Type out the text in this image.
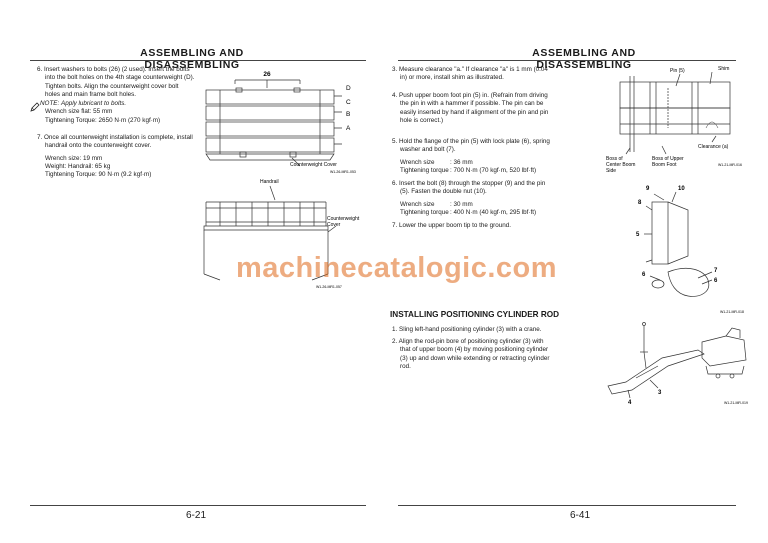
ASSEMBLING AND DISASSEMBLING

6. Insert washers to bolts (26) (2 used). Insert the bolts

into the bolt holes on the 4th stage counterweight (D).

Tighten bolts. Align the counterweight cover bolt

holes and main frame bolt holes.

NOTE: Apply lubricant to bolts.

Wrench size flat: 55 mm

Tightening Torque: 2650 N·m (270 kgf·m)

7. Once all counterweight installation is complete, install

handrail onto the counterweight cover.

Wrench size: 19 mm

Weight: Handrail: 65 kg

Tightening Torque: 90 N·m (9.2 kgf·m)

26
D
C
B
A
Counterweight Cover
W1-26-MR1-053
Handrail
Counterweight
Cover
W1-26-MR1-057
6-21
ASSEMBLING AND DISASSEMBLING

3. Measure clearance "a." If clearance "a" is 1 mm (0.04

in) or more, install shim as illustrated.

4. Push upper boom foot pin (5) in. (Refrain from driving

the pin in with a hammer if possible. The pin can be

easily inserted by hand if alignment of the pin and pin

hole is correct.)

5. Hold the flange of the pin (5) with lock plate (6), spring

washer and bolt (7).

Wrench size	: 36 mm
Tightening torque : 700 N·m (70 kgf·m, 520 lbf·ft)

6. Insert the bolt (8) through the stopper (9) and the pin

(5). Fasten the double nut (10).

Wrench size	: 30 mm
Tightening torque : 400 N·m (40 kgf·m, 295 lbf·ft)

7. Lower the upper boom tip to the ground.

Shim
Pin (5)
Clearance (a)
Boss of
Center Boom
Side
Boss of Upper
Boom Foot	W1-21-MR-016
9	10
8
5
6
7
6
W1-21-MR-018
INSTALLING POSITIONING CYLINDER ROD

1. Sling left-hand positioning cylinder (3) with a crane.

2. Align the rod-pin bore of positioning cylinder (3) with

that of upper boom (4) by moving positioning cylinder

(3) up and down while extending or retracting cylinder

rod.

3
4	W1-21-MR-019
6-41
machinecatalogic.com
